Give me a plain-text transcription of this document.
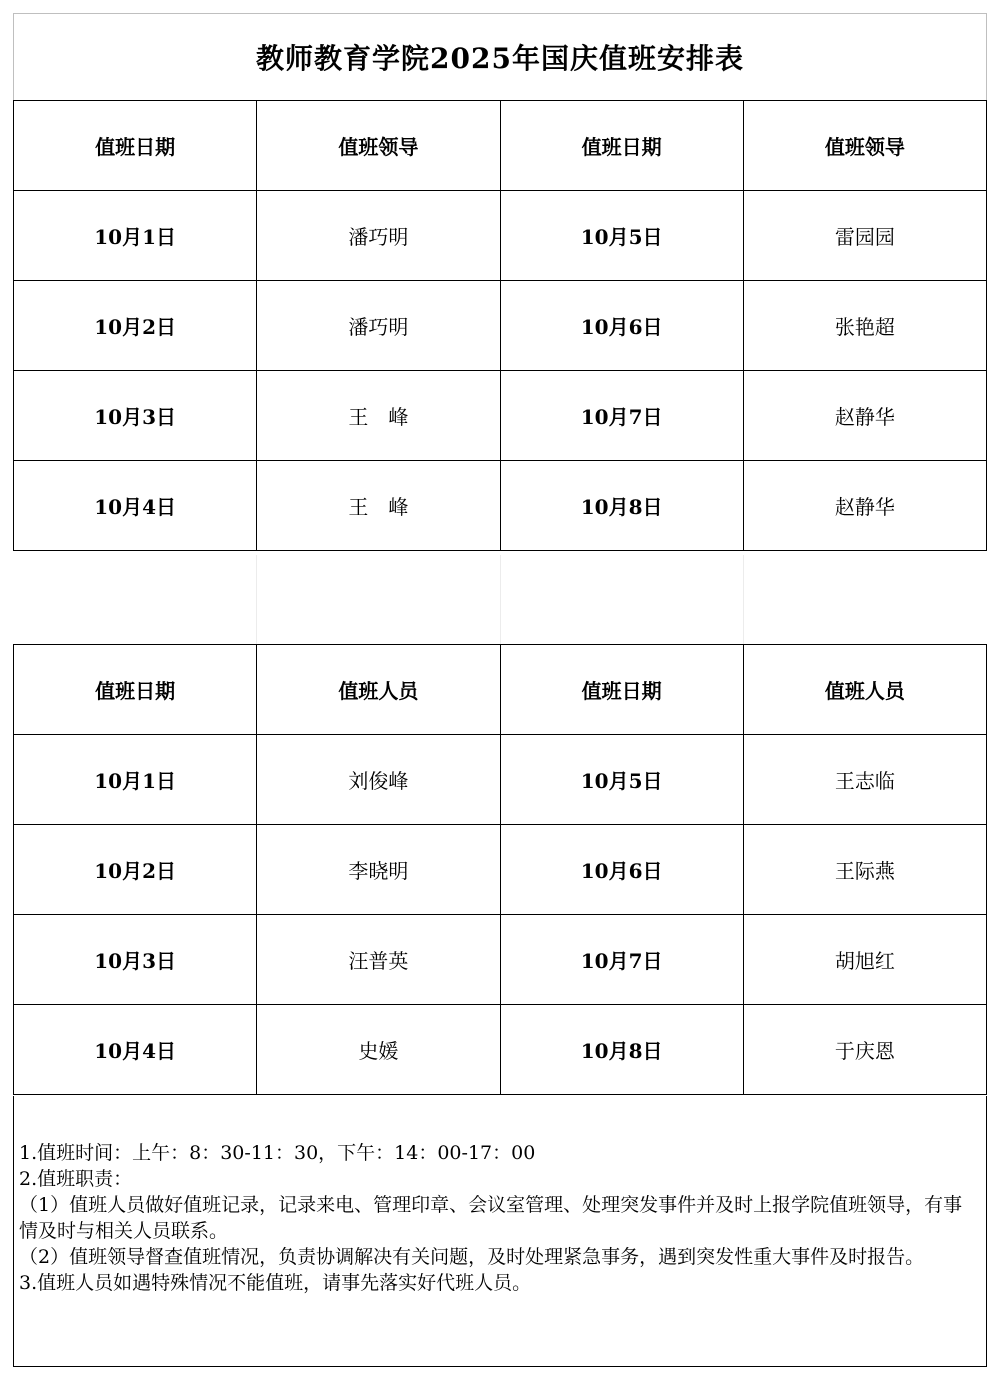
教师教育学院2025年国庆值班安排表
值班日期	值班领导	值班日期	值班领导
10月1日	潘巧明	10月5日	雷园园
10月2日	潘巧明	10月6日	张艳超
10月3日	王　峰	10月7日	赵静华
10月4日	王　峰	10月8日	赵静华
值班日期	值班人员	值班日期	值班人员
10月1日	刘俊峰	10月5日	王志临
10月2日	李晓明	10月6日	王际燕
10月3日	汪普英	10月7日	胡旭红
10月4日	史媛	10月8日	于庆恩

1.值班时间：上午：8：30-11：30，下午：14：00-17：00

2.值班职责：

（1）值班人员做好值班记录，记录来电、管理印章、会议室管理、处理突发事件并及时上报学院值班领导，有事情及时与相关人员联系。

（2）值班领导督查值班情况，负责协调解决有关问题，及时处理紧急事务，遇到突发性重大事件及时报告。

3.值班人员如遇特殊情况不能值班，请事先落实好代班人员。
